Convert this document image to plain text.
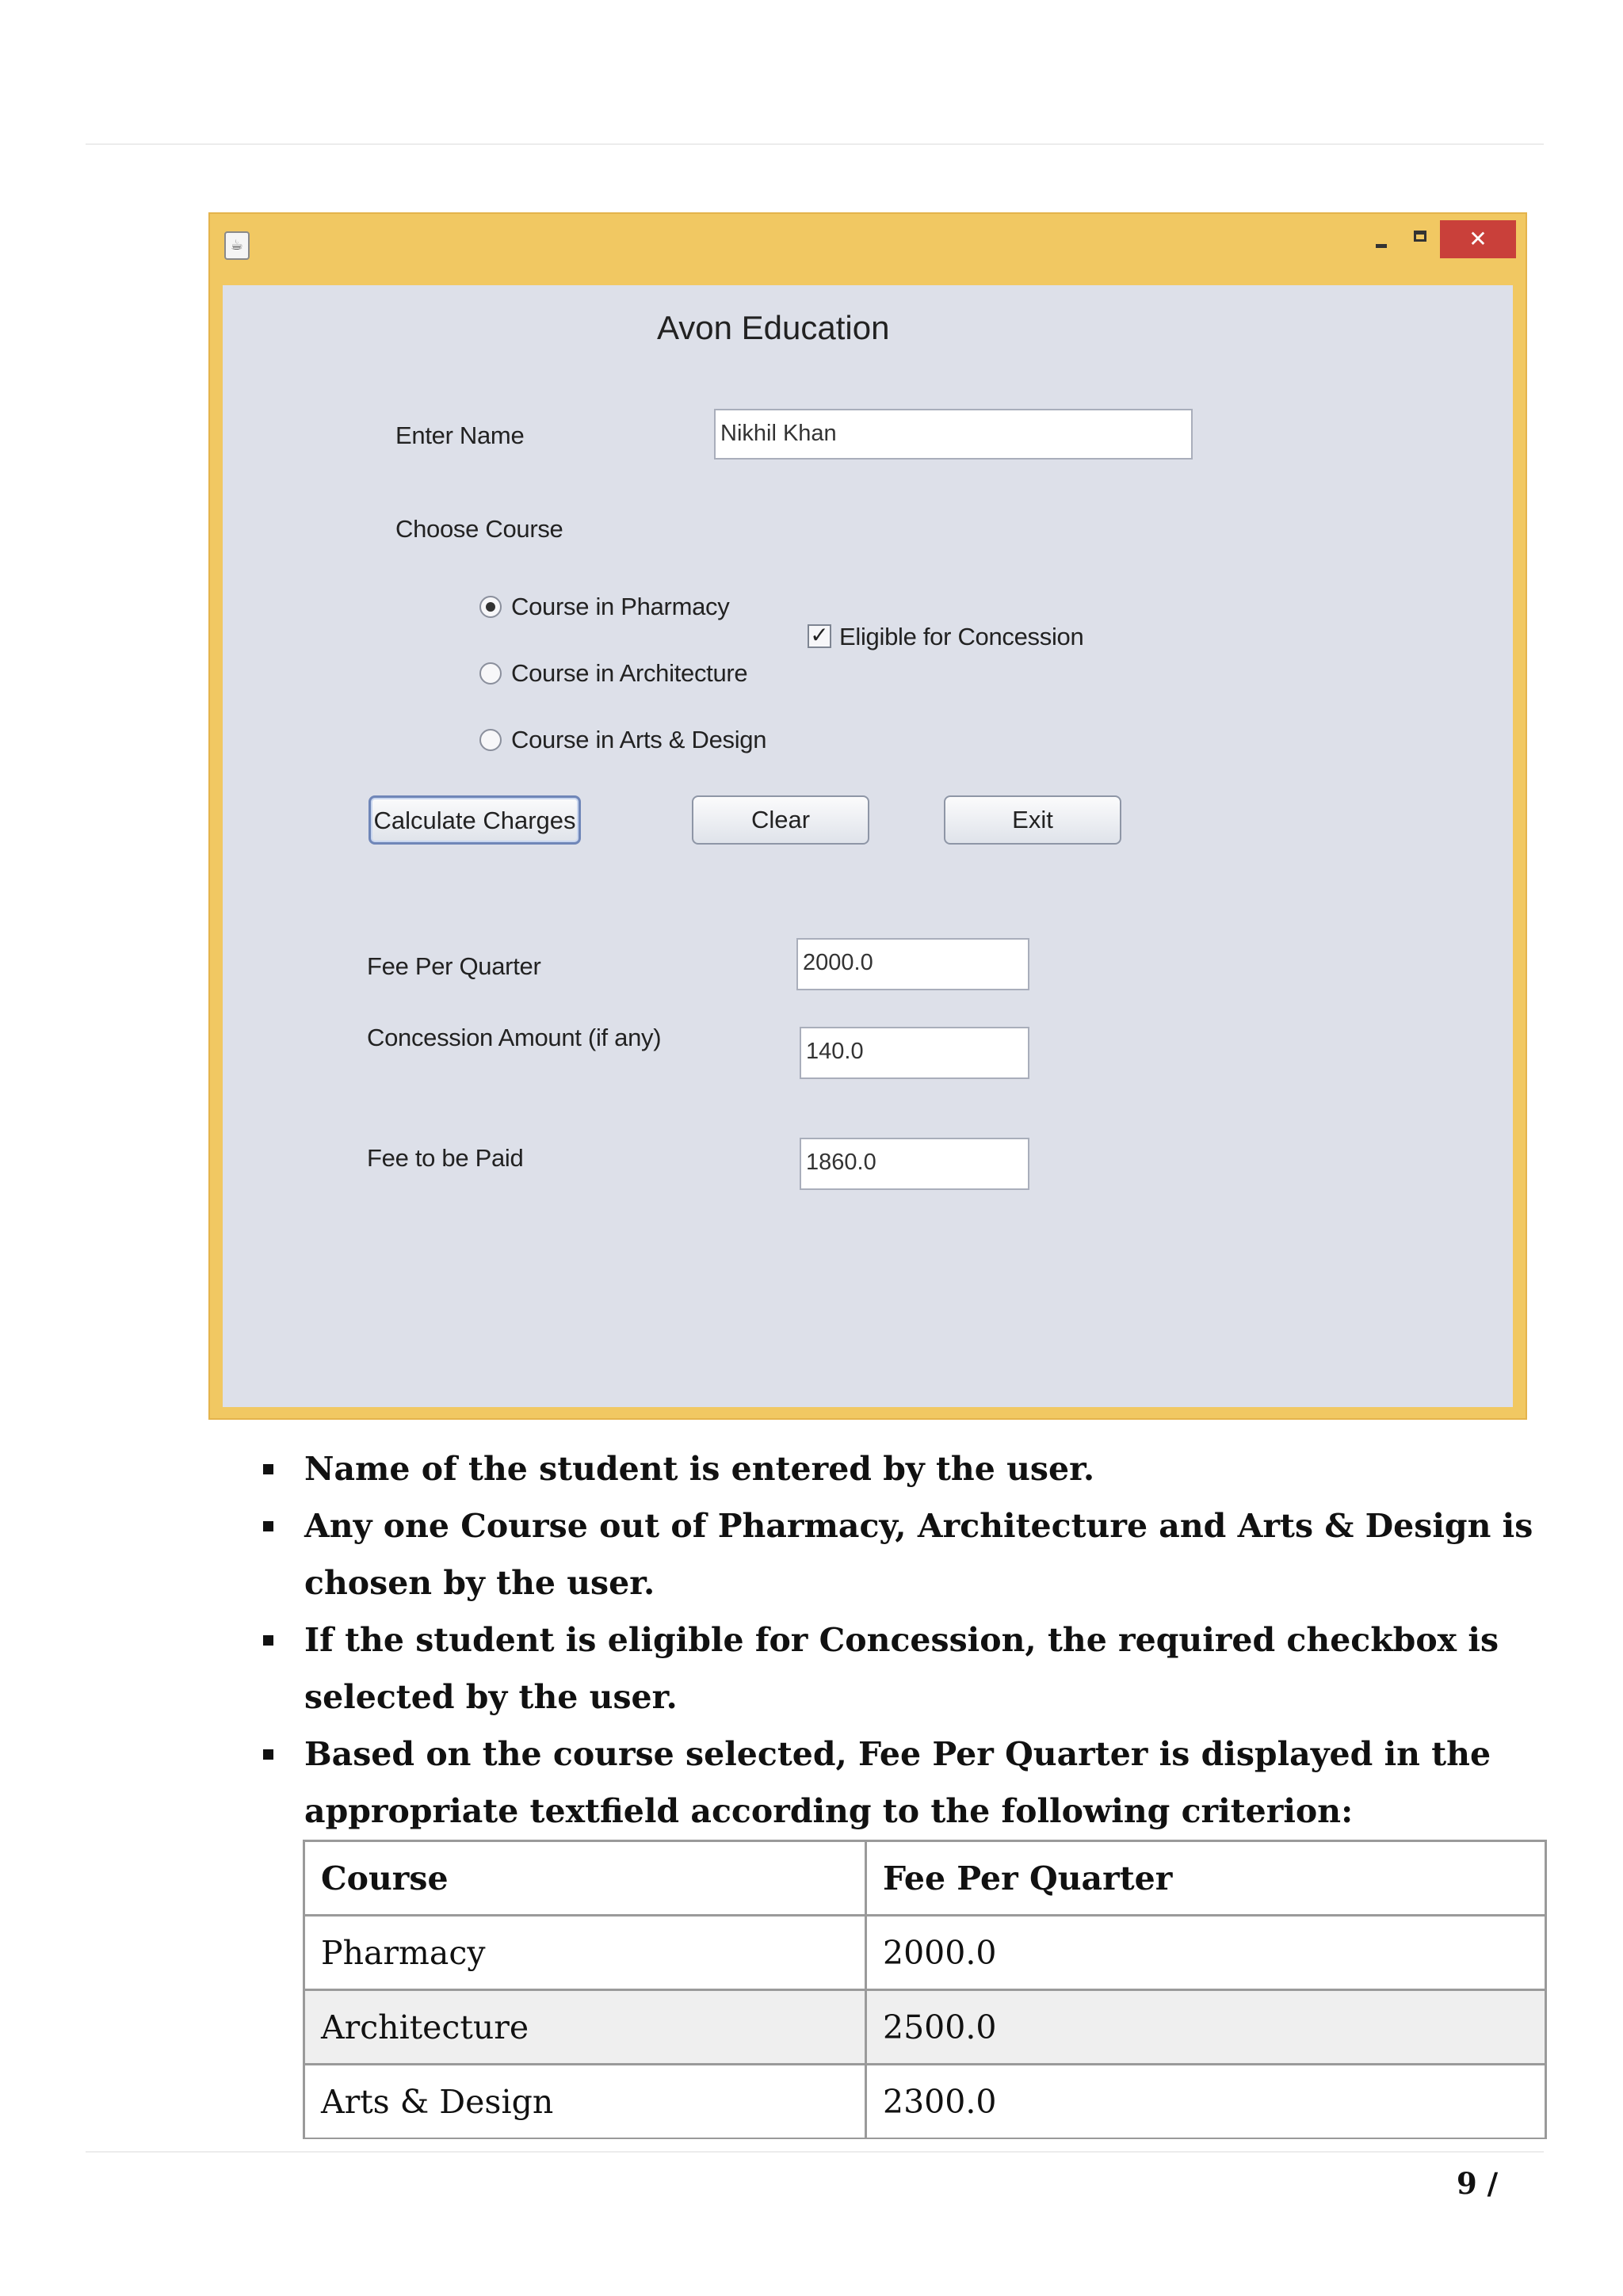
☕	✕
Avon Education
Enter Name	Nikhil Khan
Choose Course
Course in Pharmacy
Course in Architecture
Course in Arts & Design
✓ Eligible for Concession
Calculate Charges	Clear	Exit
Fee Per Quarter	2000.0
Concession Amount (if any)	140.0
Fee to be Paid	1860.0
Name of the student is entered by the user.
Any one Course out of Pharmacy, Architecture and Arts & Design is chosen by the user.
If the student is eligible for Concession, the required checkbox is selected by the user.
Based on the course selected, Fee Per Quarter is displayed in the appropriate textfield according to the following criterion:
Course	Fee Per Quarter
Pharmacy	2000.0
Architecture	2500.0
Arts & Design	2300.0
9 /
